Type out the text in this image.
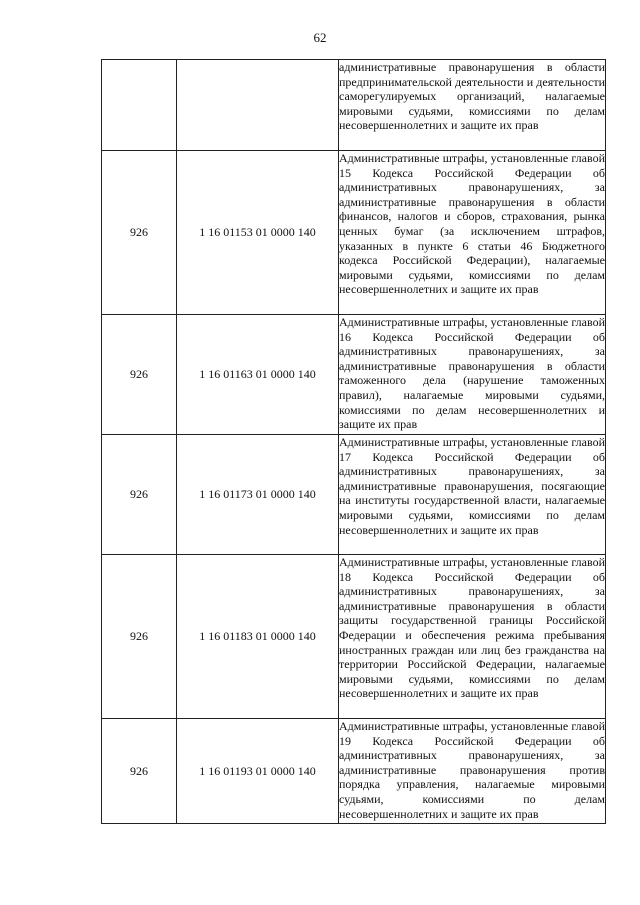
62
		административные правонарушения в области предпринимательской деятельности и деятельности саморегулируемых организаций, налагаемые мировыми судьями, комиссиями по делам несовершеннолетних и защите их прав
926	1 16 01153 01 0000 140	Административные штрафы, установленные главой 15 Кодекса Российской Федерации об административных правонарушениях, за административные правонарушения в области финансов, налогов и сборов, страхования, рынка ценных бумаг (за исключением штрафов, указанных в пункте 6 статьи 46 Бюджетного кодекса Российской Федерации), налагаемые мировыми судьями, комиссиями по делам несовершеннолетних и защите их прав
926	1 16 01163 01 0000 140	Административные штрафы, установленные главой 16 Кодекса Российской Федерации об административных правонарушениях, за административные правонарушения в области таможенного дела (нарушение таможенных правил), налагаемые мировыми судьями, комиссиями по делам несовершеннолетних и защите их прав
926	1 16 01173 01 0000 140	Административные штрафы, установленные главой 17 Кодекса Российской Федерации об административных правонарушениях, за административные правонарушения, посягающие на институты государственной власти, налагаемые мировыми судьями, комиссиями по делам несовершеннолетних и защите их прав
926	1 16 01183 01 0000 140	Административные штрафы, установленные главой 18 Кодекса Российской Федерации об административных правонарушениях, за административные правонарушения в области защиты государственной границы Российской Федерации и обеспечения режима пребывания иностранных граждан или лиц без гражданства на территории Российской Федерации, налагаемые мировыми судьями, комиссиями по делам несовершеннолетних и защите их прав
926	1 16 01193 01 0000 140	Административные штрафы, установленные главой 19 Кодекса Российской Федерации об административных правонарушениях, за административные правонарушения против порядка управления, налагаемые мировыми судьями, комиссиями по делам несовершеннолетних и защите их прав
